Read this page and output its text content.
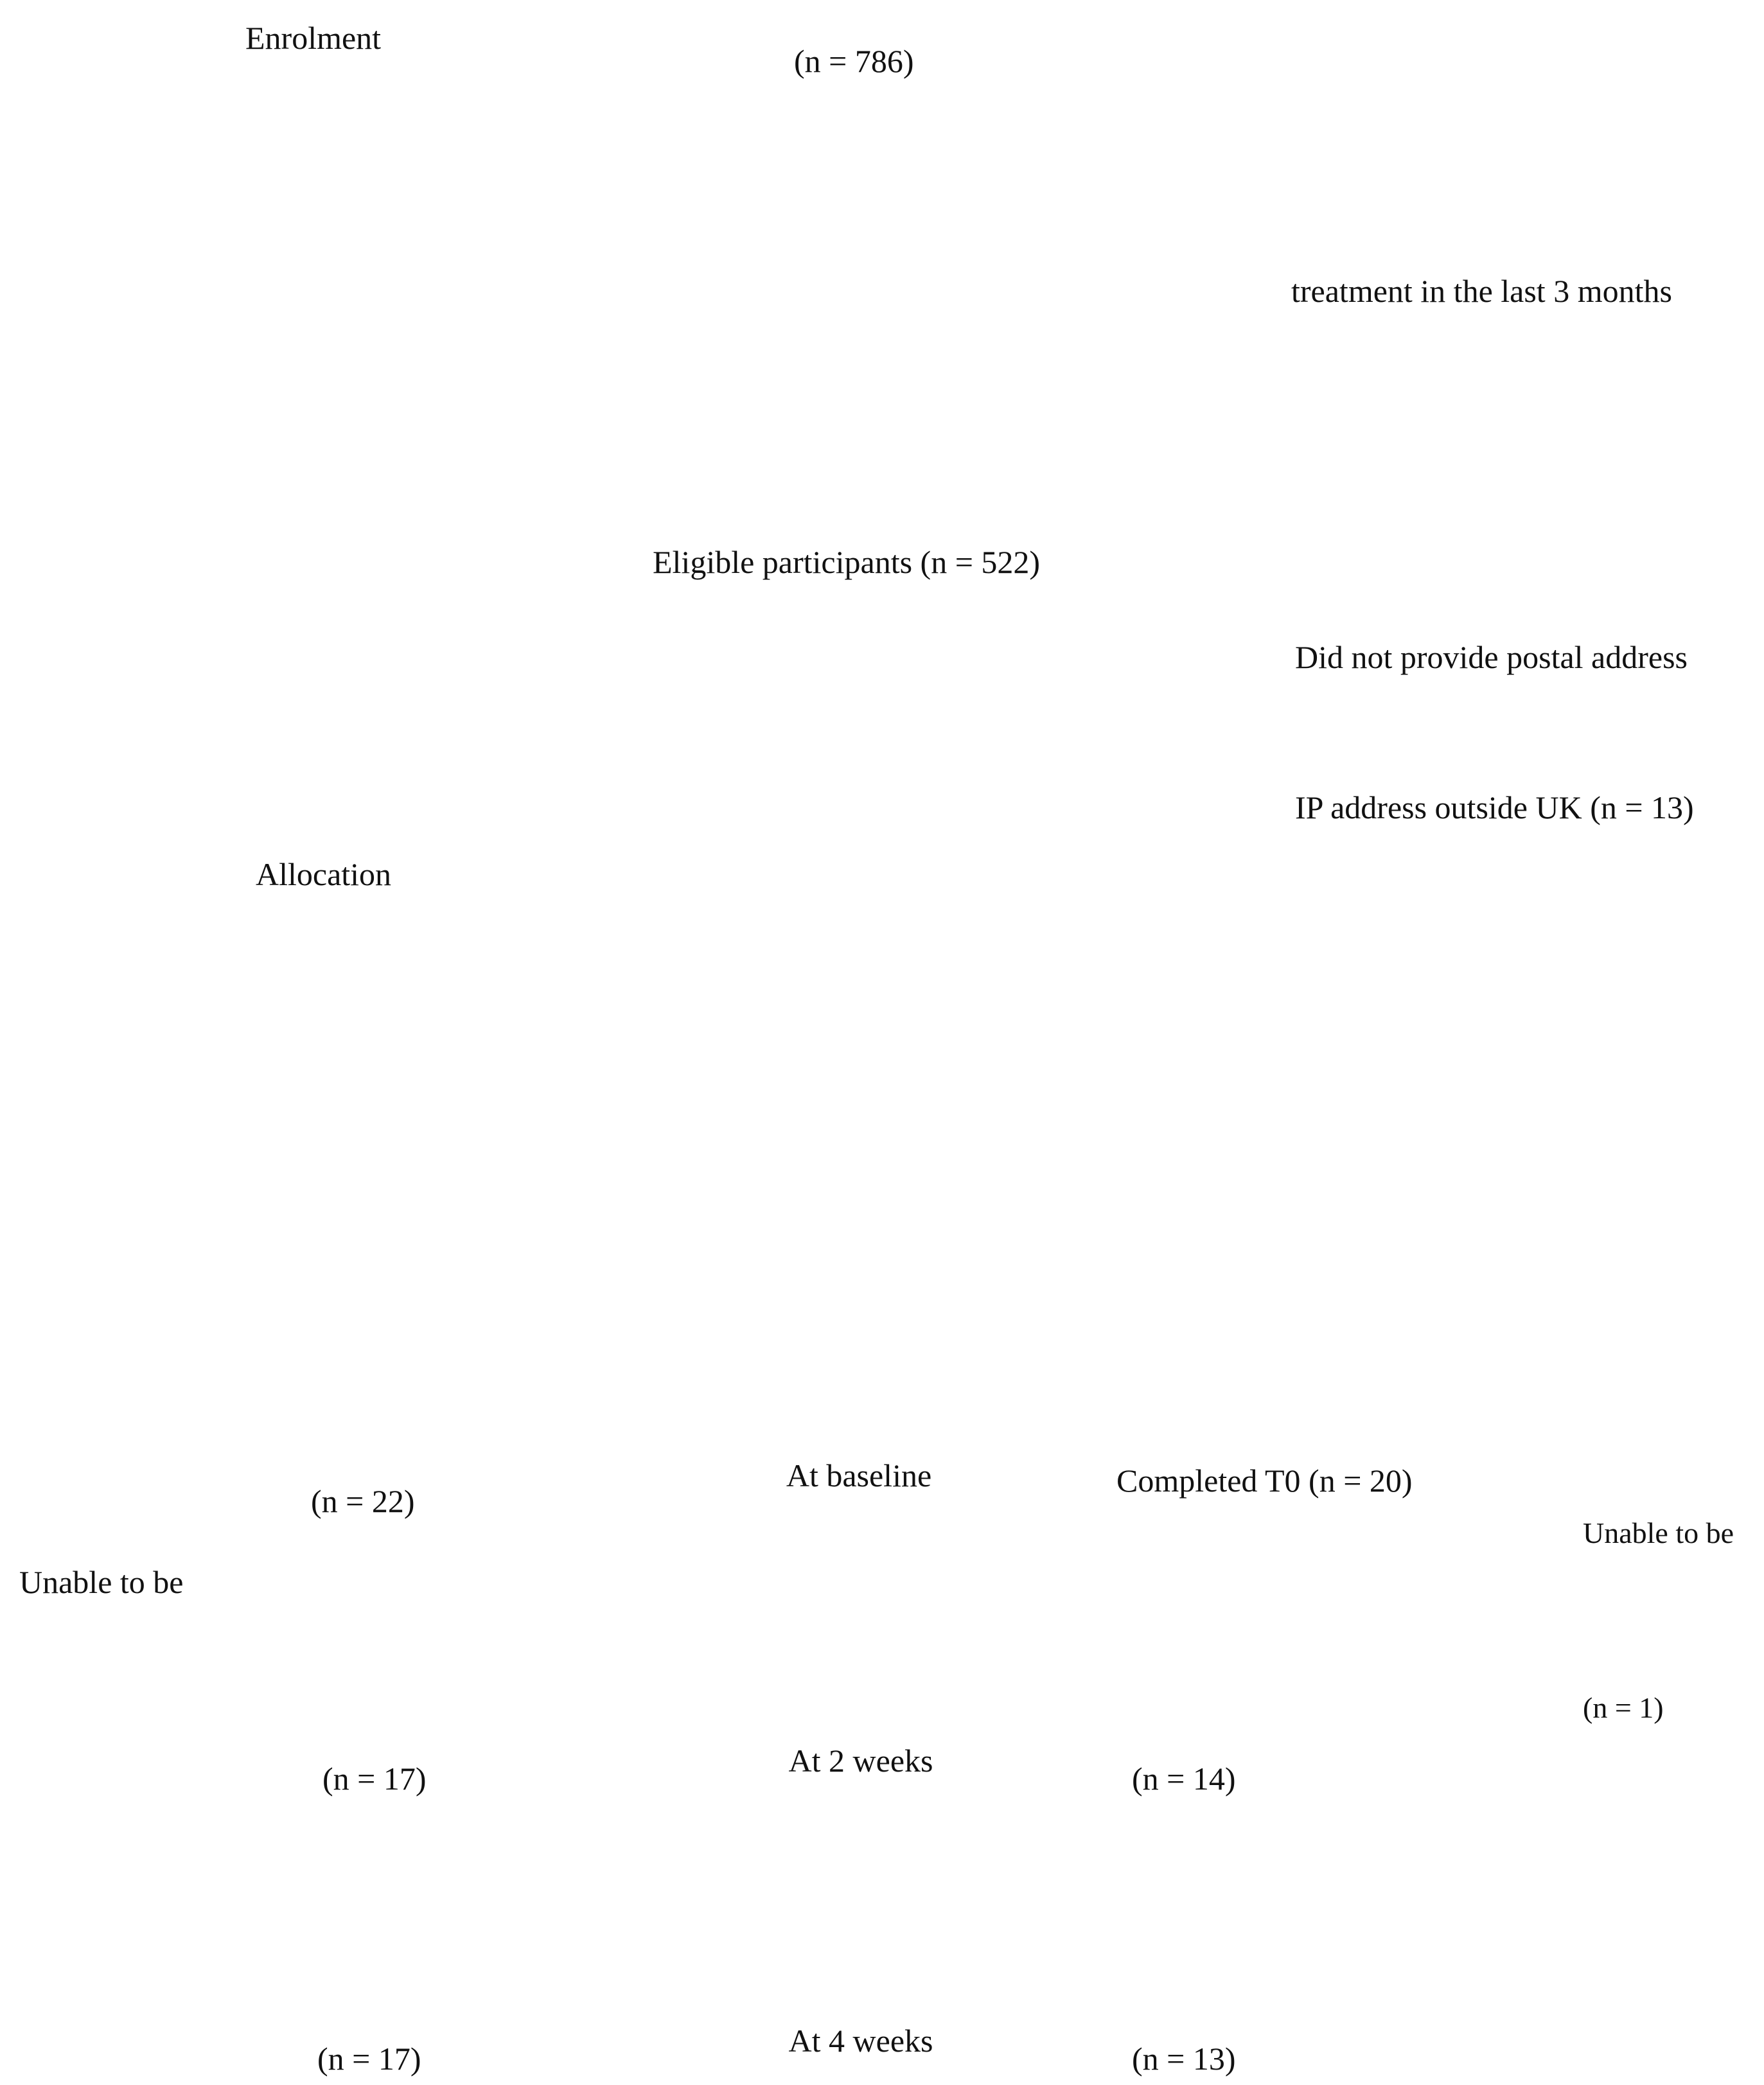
Enrolment
Allocation
(n = 786)
treatment in the last 3 months
Eligible participants (n = 522)
Did not provide postal address
IP address outside UK (n = 13)
At baseline
At 2 weeks
At 4 weeks
(n = 22)
Unable to be
(n = 17)
(n = 17)
Completed T0 (n = 20)
(n = 14)
(n = 13)
Unable to be
(n = 1)
